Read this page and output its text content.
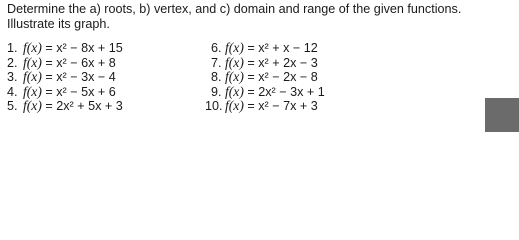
Determine the a) roots, b) vertex, and c) domain and range of the given functions.
Illustrate its graph.
1. f(x) = x² − 8x + 15
2. f(x) = x² − 6x + 8
3. f(x) = x² − 3x − 4
4. f(x) = x² − 5x + 6
5. f(x) = 2x² + 5x + 3
6. f(x) = x² + x − 12
7. f(x) = x² + 2x − 3
8. f(x) = x² − 2x − 8
9. f(x) = 2x² − 3x + 1
10. f(x) = x² − 7x + 3
